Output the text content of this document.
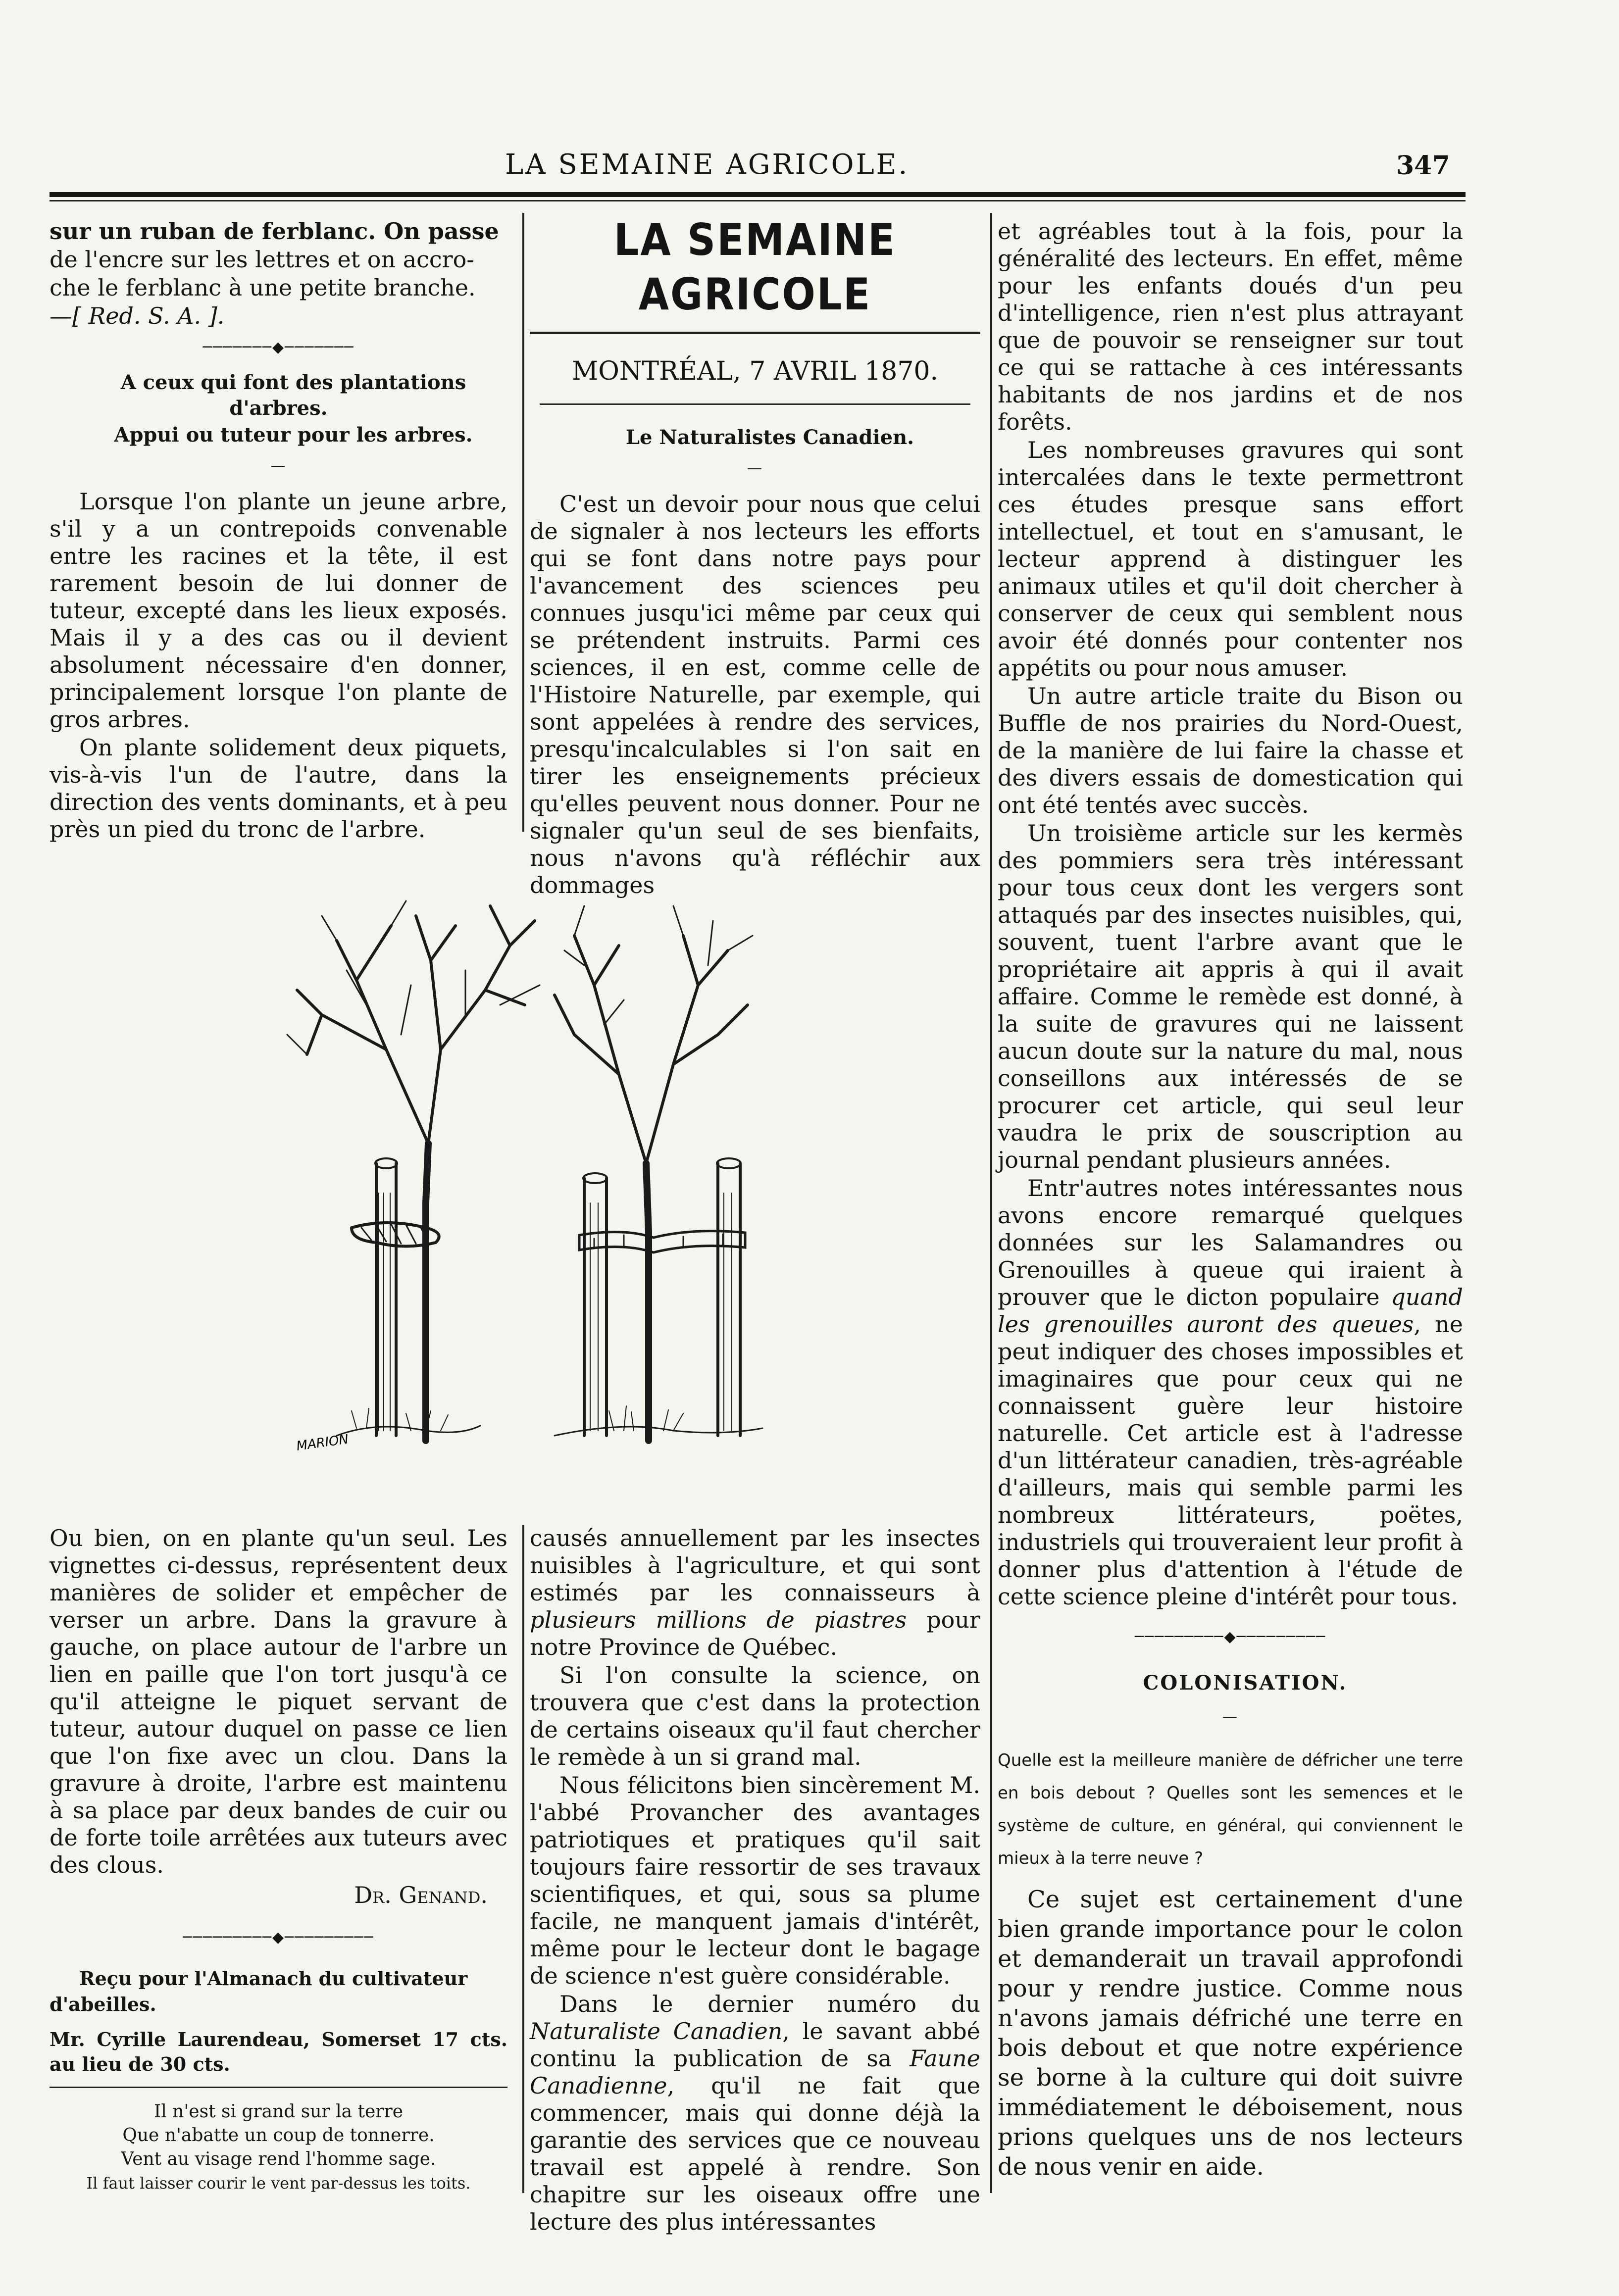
LA SEMAINE AGRICOLE.	347

sur un ruban de ferblanc. On passe

de l'encre sur les lettres et on accro-

che le ferblanc à une petite branche.

—[ Red. S. A. ].

───────◆───────

A ceux qui font des plantations d'arbres.

Appui ou tuteur pour les arbres.

—

Lorsque l'on plante un jeune arbre, s'il y a un contrepoids convenable entre les racines et la tête, il est rarement besoin de lui donner de tuteur, excepté dans les lieux exposés. Mais il y a des cas ou il devient absolument nécessaire d'en donner, principalement lorsque l'on plante de gros arbres.

On plante solidement deux piquets, vis-à-vis l'un de l'autre, dans la direction des vents dominants, et à peu près un pied du tronc de l'arbre.

LA SEMAINE AGRICOLE
MONTRÉAL, 7 AVRIL 1870.

Le Naturalistes Canadien.

—

C'est un devoir pour nous que celui de signaler à nos lecteurs les efforts qui se font dans notre pays pour l'avancement des sciences peu connues jusqu'ici même par ceux qui se prétendent instruits. Parmi ces sciences, il en est, comme celle de l'Histoire Naturelle, par exemple, qui sont appelées à rendre des services, presqu'incalculables si l'on sait en tirer les enseignements précieux qu'elles peuvent nous donner. Pour ne signaler qu'un seul de ses bienfaits, nous n'avons qu'à réfléchir aux dommages

et agréables tout à la fois, pour la généralité des lecteurs. En effet, même pour les enfants doués d'un peu d'intelligence, rien n'est plus attrayant que de pouvoir se renseigner sur tout ce qui se rattache à ces intéressants habitants de nos jardins et de nos forêts.

Les nombreuses gravures qui sont intercalées dans le texte permettront ces études presque sans effort intellectuel, et tout en s'amusant, le lecteur apprend à distinguer les animaux utiles et qu'il doit chercher à conserver de ceux qui semblent nous avoir été donnés pour contenter nos appétits ou pour nous amuser.

Un autre article traite du Bison ou Buffle de nos prairies du Nord-Ouest, de la manière de lui faire la chasse et des divers essais de domestication qui ont été tentés avec succès.

Un troisième article sur les kermès des pommiers sera très intéressant pour tous ceux dont les vergers sont attaqués par des insectes nuisibles, qui, souvent, tuent l'arbre avant que le propriétaire ait appris à qui il avait affaire. Comme le remède est donné, à la suite de gravures qui ne laissent aucun doute sur la nature du mal, nous conseillons aux intéressés de se procurer cet article, qui seul leur vaudra le prix de souscription au journal pendant plusieurs années.

Entr'autres notes intéressantes nous avons encore remarqué quelques données sur les Salamandres ou Grenouilles à queue qui iraient à prouver que le dicton populaire quand les grenouilles auront des queues, ne peut indiquer des choses impossibles et imaginaires que pour ceux qui ne connaissent guère leur histoire naturelle. Cet article est à l'adresse d'un littérateur canadien, très-agréable d'ailleurs, mais qui semble parmi les nombreux littérateurs, poëtes, industriels qui trouveraient leur profit à donner plus d'attention à l'étude de cette science pleine d'intérêt pour tous.

─────────◆─────────

COLONISATION.

—

Quelle est la meilleure manière de défricher une terre en bois debout ? Quelles sont les semences et le système de culture, en général, qui conviennent le mieux à la terre neuve ?

Ce sujet est certainement d'une bien grande importance pour le colon et demanderait un travail approfondi pour y rendre justice. Comme nous n'avons jamais défriché une terre en bois debout et que notre expérience se borne à la culture qui doit suivre immédiatement le déboisement, nous prions quelques uns de nos lecteurs de nous venir en aide.

MARION

Ou bien, on en plante qu'un seul. Les vignettes ci-dessus, représentent deux manières de solider et empêcher de verser un arbre. Dans la gravure à gauche, on place autour de l'arbre un lien en paille que l'on tort jusqu'à ce qu'il atteigne le piquet servant de tuteur, autour duquel on passe ce lien que l'on fixe avec un clou. Dans la gravure à droite, l'arbre est maintenu à sa place par deux bandes de cuir ou de forte toile arrêtées aux tuteurs avec des clous.

Dr. Genand.
─────────◆─────────

Reçu pour l'Almanach du cultivateur d'abeilles.

Mr. Cyrille Laurendeau, Somerset 17 cts. au lieu de 30 cts.

Il n'est si grand sur la terre
Que n'abatte un coup de tonnerre.
Vent au visage rend l'homme sage.
Il faut laisser courir le vent par-dessus les toits.

causés annuellement par les insectes nuisibles à l'agriculture, et qui sont estimés par les connaisseurs à plusieurs millions de piastres pour notre Province de Québec.

Si l'on consulte la science, on trouvera que c'est dans la protection de certains oiseaux qu'il faut chercher le remède à un si grand mal.

Nous félicitons bien sincèrement M. l'abbé Provancher des avantages patriotiques et pratiques qu'il sait toujours faire ressortir de ses travaux scientifiques, et qui, sous sa plume facile, ne manquent jamais d'intérêt, même pour le lecteur dont le bagage de science n'est guère considérable.

Dans le dernier numéro du Naturaliste Canadien, le savant abbé continu la publication de sa Faune Canadienne, qu'il ne fait que commencer, mais qui donne déjà la garantie des services que ce nouveau travail est appelé à rendre. Son chapitre sur les oiseaux offre une lecture des plus intéressantes
